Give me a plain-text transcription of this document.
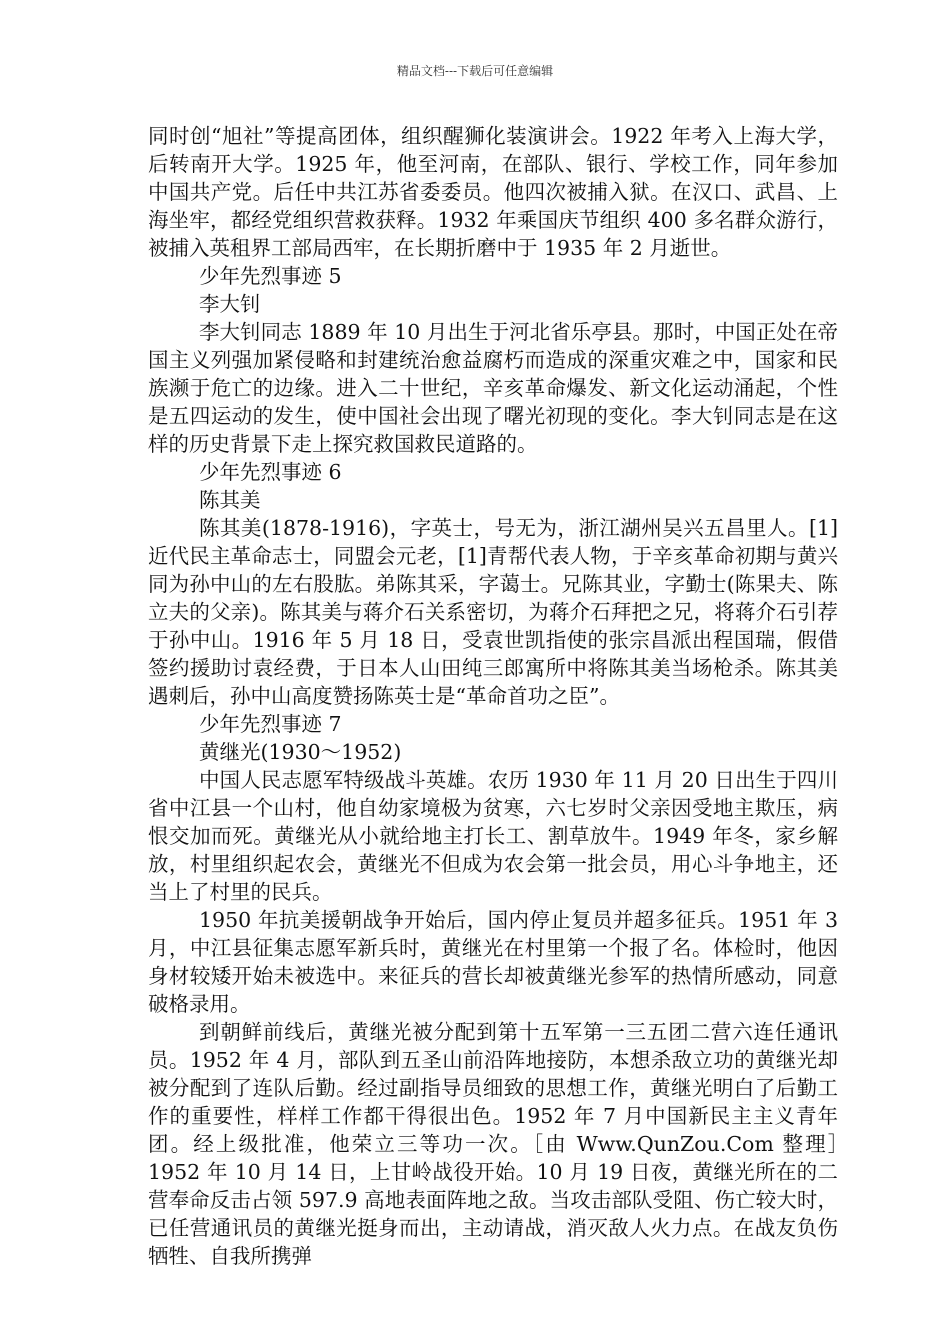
精品文档---下载后可任意编辑

同时创“旭社”等提高团体，组织醒狮化装演讲会。1922 年考入上海大学，后转南开大学。1925 年，他至河南，在部队、银行、学校工作，同年参加中国共产党。后任中共江苏省委委员。他四次被捕入狱。在汉口、武昌、上海坐牢，都经党组织营救获释。1932 年乘国庆节组织 400 多名群众游行，被捕入英租界工部局西牢，在长期折磨中于 1935 年 2 月逝世。

少年先烈事迹 5

李大钊

李大钊同志 1889 年 10 月出生于河北省乐亭县。那时，中国正处在帝国主义列强加紧侵略和封建统治愈益腐朽而造成的深重灾难之中，国家和民族濒于危亡的边缘。进入二十世纪，辛亥革命爆发、新文化运动涌起，个性是五四运动的发生，使中国社会出现了曙光初现的变化。李大钊同志是在这样的历史背景下走上探究救国救民道路的。

少年先烈事迹 6

陈其美

陈其美(1878-1916)，字英士，号无为，浙江湖州吴兴五昌里人。[1]近代民主革命志士，同盟会元老，[1]青帮代表人物，于辛亥革命初期与黄兴同为孙中山的左右股肱。弟陈其采，字蔼士。兄陈其业，字勤士(陈果夫、陈立夫的父亲)。陈其美与蒋介石关系密切，为蒋介石拜把之兄，将蒋介石引荐于孙中山。1916 年 5 月 18 日，受袁世凯指使的张宗昌派出程国瑞，假借签约援助讨袁经费，于日本人山田纯三郎寓所中将陈其美当场枪杀。陈其美遇刺后，孙中山高度赞扬陈英士是“革命首功之臣”。

少年先烈事迹 7

黄继光(1930～1952)

中国人民志愿军特级战斗英雄。农历 1930 年 11 月 20 日出生于四川省中江县一个山村，他自幼家境极为贫寒，六七岁时父亲因受地主欺压，病恨交加而死。黄继光从小就给地主打长工、割草放牛。1949 年冬，家乡解放，村里组织起农会，黄继光不但成为农会第一批会员，用心斗争地主，还当上了村里的民兵。

1950 年抗美援朝战争开始后，国内停止复员并超多征兵。1951 年 3 月，中江县征集志愿军新兵时，黄继光在村里第一个报了名。体检时，他因身材较矮开始未被选中。来征兵的营长却被黄继光参军的热情所感动，同意破格录用。

到朝鲜前线后，黄继光被分配到第十五军第一三五团二营六连任通讯员。1952 年 4 月，部队到五圣山前沿阵地接防，本想杀敌立功的黄继光却被分配到了连队后勤。经过副指导员细致的思想工作，黄继光明白了后勤工作的重要性，样样工作都干得很出色。1952 年 7 月中国新民主主义青年团。经上级批准，他荣立三等功一次。［由 Www.QunZou.Com 整理］　　1952 年 10 月 14 日，上甘岭战役开始。10 月 19 日夜，黄继光所在的二营奉命反击占领 597.9 高地表面阵地之敌。当攻击部队受阻、伤亡较大时，已任营通讯员的黄继光挺身而出，主动请战，消灭敌人火力点。在战友负伤牺牲、自我所携弹
